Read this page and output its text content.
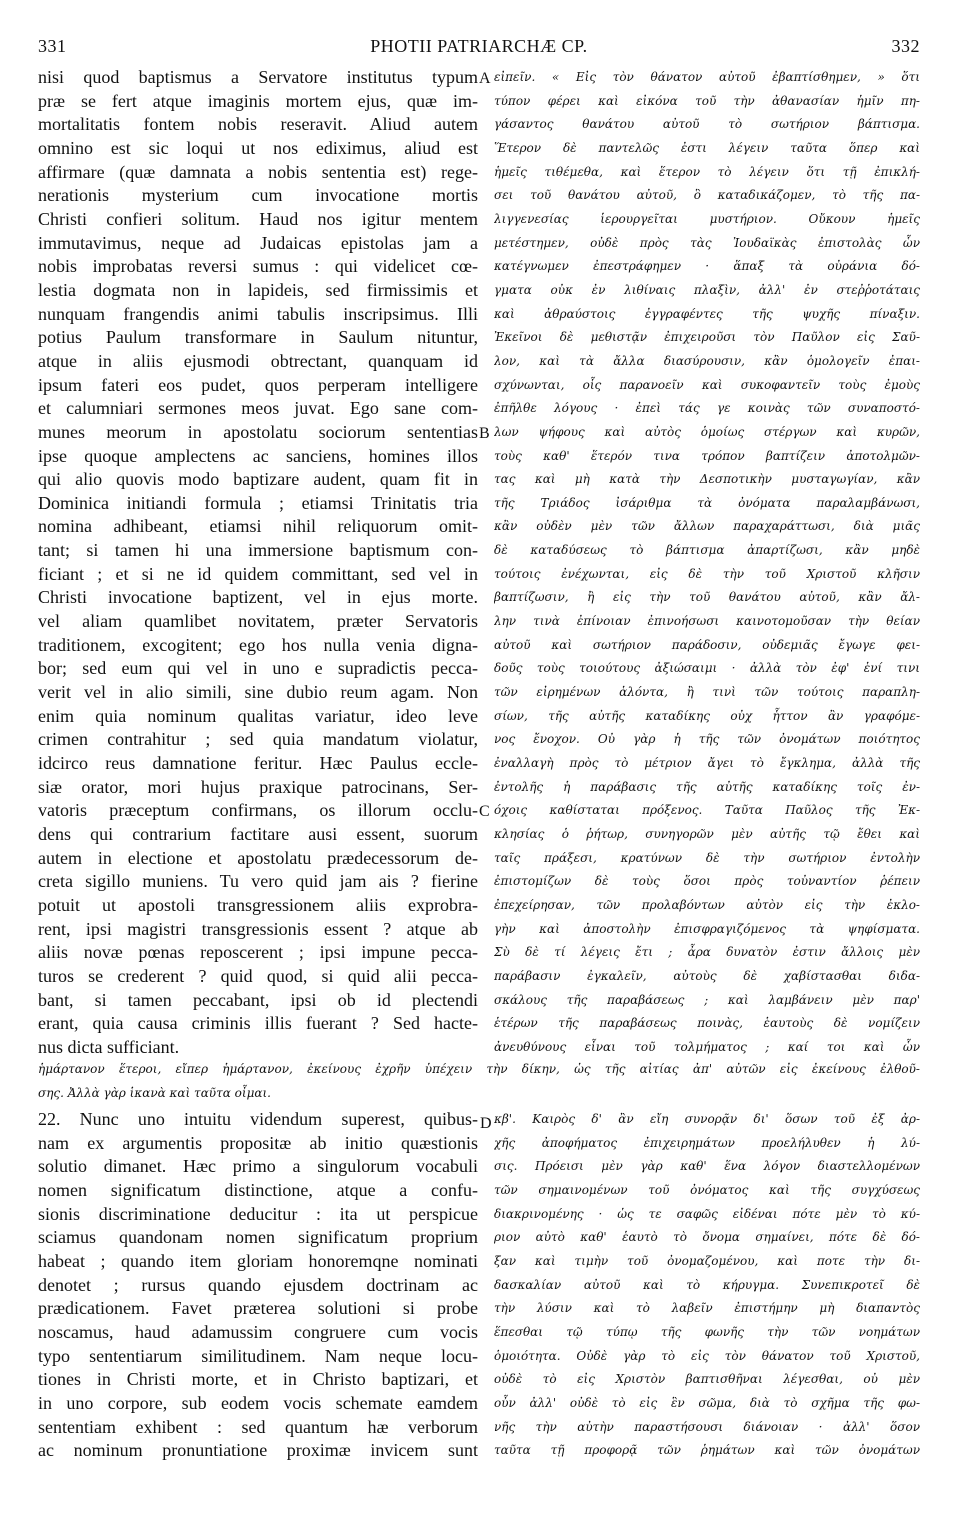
331	PHOTII PATRIARCHÆ CP.	332
nisi quod baptismus a Servatore institutus typum
præ se fert atque imaginis mortem ejus, quæ im-
mortalitatis fontem nobis reseravit. Aliud autem
omnino est sic loqui ut nos ediximus, aliud est
affirmare (quæ damnata a nobis sententia est) rege-
nerationis mysterium cum invocatione mortis
Christi confieri solitum. Haud nos igitur mentem
immutavimus, neque ad Judaicas epistolas jam a
nobis improbatas reversi sumus : qui videlicet cœ-
lestia dogmata non in lapideis, sed firmissimis et
nunquam frangendis animi tabulis inscripsimus. Illi
potius Paulum transformare in Saulum nituntur,
atque in aliis ejusmodi obtrectant, quanquam id
ipsum fateri eos pudet, quos perperam intelligere
et calumniari sermones meos juvat. Ego sane com-
munes meorum in apostolatu sociorum sententias
ipse quoque amplectens ac sanciens, homines illos
qui alio quovis modo baptizare audent, quam fit in
Dominica initiandi formula ; etiamsi Trinitatis tria
nomina adhibeant, etiamsi nihil reliquorum omit-
tant; si tamen hi una immersione baptismum con-
ficiant ; et si ne id quidem committant, sed vel in
Christi invocatione baptizent, vel in ejus morte.
vel aliam quamlibet novitatem, præter Servatoris
traditionem, excogitent; ego hos nulla venia digna-
bor; sed eum qui vel in uno e supradictis pecca-
verit vel in alio simili, sine dubio reum agam. Non
enim quia nominum qualitas variatur, ideo leve
crimen contrahitur ; sed quia mandatum violatur,
idcirco reus damnatione feritur. Hæc Paulus eccle-
siæ orator, mori hujus praxique patrocinans, Ser-
vatoris præceptum confirmans, os illorum occlu-
dens qui contrarium factitare ausi essent, suorum
autem in electione et apostolatu prædecessorum de-
creta sigillo muniens. Tu vero quid jam ais ? fierine
potuit ut apostoli transgressionem aliis exprobra-
rent, ipsi magistri transgressionis essent ? atque ab
aliis novæ pœnas reposcerent ; ipsi impune pecca-
turos se crederent ? quid quod, si quid alii pecca-
bant, si tamen peccabant, ipsi ob id plectendi
erant, quia causa criminis illis fuerant ? Sed hacte-
nus dicta sufficiant.
εἰπεῖν. « Εἰς τὸν θάνατον αὐτοῦ ἐβαπτίσθημεν, » ὅτι
τύπον φέρει καὶ εἰκόνα τοῦ τὴν ἀθανασίαν ἡμῖν πη-
γάσαντος θανάτου αὐτοῦ τὸ σωτήριον βάπτισμα.
Ἕτερον δὲ παντελῶς ἐστι λέγειν ταῦτα ὅπερ καὶ
ἡμεῖς τιθέμεθα, καὶ ἕτερον τὸ λέγειν ὅτι τῇ ἐπικλή-
σει τοῦ θανάτου αὐτοῦ, ὃ καταδικάζομεν, τὸ τῆς πα-
λιγγενεσίας ἱερουργεῖται μυστήριον. Οὔκουν ἡμεῖς
μετέστημεν, οὐδὲ πρὸς τὰς Ἰουδαϊκὰς ἐπιστολὰς ὧν
κατέγνωμεν ἐπεστράφημεν · ἅπαξ τὰ οὐράνια δό-
γματα οὐκ ἐν λιθίναις πλαξὶν, ἀλλ' ἐν στεῤῥοτάταις
καὶ ἀθραύστοις ἐγγραφέντες τῆς ψυχῆς πίναξιν.
Ἐκεῖνοι δὲ μεθιστᾷν ἐπιχειροῦσι τὸν Παῦλον εἰς Σαῦ-
λον, καὶ τὰ ἄλλα διασύρουσιν, κἂν ὁμολογεῖν ἐπαι-
σχύνωνται, οἷς παρανοεῖν καὶ συκοφαντεῖν τοὺς ἐμοὺς
ἐπῆλθε λόγους · ἐπεὶ τάς γε κοινὰς τῶν συναποστό-
λων ψήφους καὶ αὐτὸς ὁμοίως στέργων καὶ κυρῶν,
τοὺς καθ' ἕτερόν τινα τρόπον βαπτίζειν ἀποτολμῶν-
τας καὶ μὴ κατὰ τὴν Δεσποτικὴν μυσταγωγίαν, κἂν
τῆς Τριάδος ἰσάριθμα τὰ ὀνόματα παραλαμβάνωσι,
κἂν οὐδὲν μὲν τῶν ἄλλων παραχαράττωσι, διὰ μιᾶς
δὲ καταδύσεως τὸ βάπτισμα ἀπαρτίζωσι, κἂν μηδὲ
τούτοις ἐνέχωνται, εἰς δὲ τὴν τοῦ Χριστοῦ κλῆσιν
βαπτίζωσιν, ἢ εἰς τὴν τοῦ θανάτου αὐτοῦ, κἂν ἄλ-
λην τινὰ ἐπίνοιαν ἐπινοήσωσι καινοτομοῦσαν τὴν θείαν
αὐτοῦ καὶ σωτήριον παράδοσιν, οὐδεμιᾶς ἔγωγε φει-
δοῦς τοὺς τοιούτους ἀξιώσαιμι · ἀλλὰ τὸν ἐφ' ἑνί τινι
τῶν εἰρημένων ἁλόντα, ἢ τινὶ τῶν τούτοις παραπλη-
σίων, τῆς αὐτῆς καταδίκης οὐχ ἧττον ἂν γραφόμε-
νος ἔνοχον. Οὐ γὰρ ἡ τῆς τῶν ὀνομάτων ποιότητος
ἐναλλαγὴ πρὸς τὸ μέτριον ἄγει τὸ ἔγκλημα, ἀλλὰ τῆς
ἐντολῆς ἡ παράβασις τῆς αὐτῆς καταδίκης τοῖς ἐν-
όχοις καθίσταται πρόξενος. Ταῦτα Παῦλος τῆς Ἐκ-
κλησίας ὁ ῥήτωρ, συνηγορῶν μὲν αὐτῆς τῷ ἔθει καὶ
ταῖς πράξεσι, κρατύνων δὲ τὴν σωτήριον ἐντολὴν
ἐπιστομίζων δὲ τοὺς ὅσοι πρὸς τοὐναντίον ῥέπειν
ἐπεχείρησαν, τῶν προλαβόντων αὐτὸν εἰς τὴν ἐκλο-
γὴν καὶ ἀποστολὴν ἐπισφραγιζόμενος τὰ ψηφίσματα.
Σὺ δὲ τί λέγεις ἔτι ; ἆρα δυνατὸν ἐστιν ἄλλοις μὲν
παράβασιν ἐγκαλεῖν, αὐτοὺς δὲ χαβίστασθαι διδα-
σκάλους τῆς παραβάσεως ; καὶ λαμβάνειν μὲν παρ'
ἑτέρων τῆς παραβάσεως ποινὰς, ἑαυτοὺς δὲ νομίζειν
ἀνευθύνους εἶναι τοῦ τολμήματος ; καί τοι καὶ ὧν
A
B
C
D
ἡμάρτανον ἕτεροι, εἴπερ ἡμάρτανον, ἐκείνους ἐχρῆν ὑπέχειν τὴν δίκην, ὡς τῆς αἰτίας ἀπ' αὐτῶν εἰς ἐκείνους ἐλθοῦ-
σης. Ἀλλὰ γὰρ ἱκανὰ καὶ ταῦτα οἶμαι.
22. Nunc uno intuitu videndum superest, quibus-
nam ex argumentis propositæ ab initio quæstionis
solutio dimanet. Hæc primo a singulorum vocabuli
nomen significatum distinctione, atque a confu-
sionis discriminatione deducitur : ita ut perspicue
sciamus quandonam nomen significatum proprium
habeat ; quando item gloriam honoremqne nominati
denotet ; rursus quando ejusdem doctrinam ac
prædicationem. Favet præterea solutioni si probe
noscamus, haud adamussim congruere cum vocis
typo sententiarum similitudinem. Nam neque locu-
tiones in Christi morte, et in Christo baptizari, et
in uno corpore, sub eodem vocis schemate eamdem
sententiam exhibent : sed quantum hæ verborum
ac nominum pronuntiatione proximæ invicem sunt
κβ'. Καιρὸς δ' ἂν εἴη συνορᾷν δι' ὅσων τοῦ ἐξ ἀρ-
χῆς ἀποφήματος ἐπιχειρημάτων προελήλυθεν ἡ λύ-
σις. Πρόεισι μὲν γὰρ καθ' ἕνα λόγον διαστελλομένων
τῶν σημαινομένων τοῦ ὀνόματος καὶ τῆς συγχύσεως
διακρινομένης · ὡς τε σαφῶς εἰδέναι πότε μὲν τὸ κύ-
ριον αὐτὸ καθ' ἑαυτὸ τὸ ὄνομα σημαίνει, πότε δὲ δό-
ξαν καὶ τιμὴν τοῦ ὀνομαζομένου, καὶ ποτε τὴν δι-
δασκαλίαν αὐτοῦ καὶ τὸ κήρυγμα. Συνεπικροτεῖ δὲ
τὴν λύσιν καὶ τὸ λαβεῖν ἐπιστήμην μὴ διαπαντὸς
ἕπεσθαι τῷ τύπῳ τῆς φωνῆς τὴν τῶν νοημάτων
ὁμοιότητα. Οὐδὲ γὰρ τὸ εἰς τὸν θάνατον τοῦ Χριστοῦ,
οὐδὲ τὸ εἰς Χριστὸν βαπτισθῆναι λέγεσθαι, οὐ μὲν
οὖν ἀλλ' οὐδὲ τὸ εἰς ἓν σῶμα, διὰ τὸ σχῆμα τῆς φω-
νῆς τὴν αὐτὴν παραστήσουσι διάνοιαν · ἀλλ' ὅσον
ταῦτα τῇ προφορᾷ τῶν ῥημάτων καὶ τῶν ὀνομάτων
